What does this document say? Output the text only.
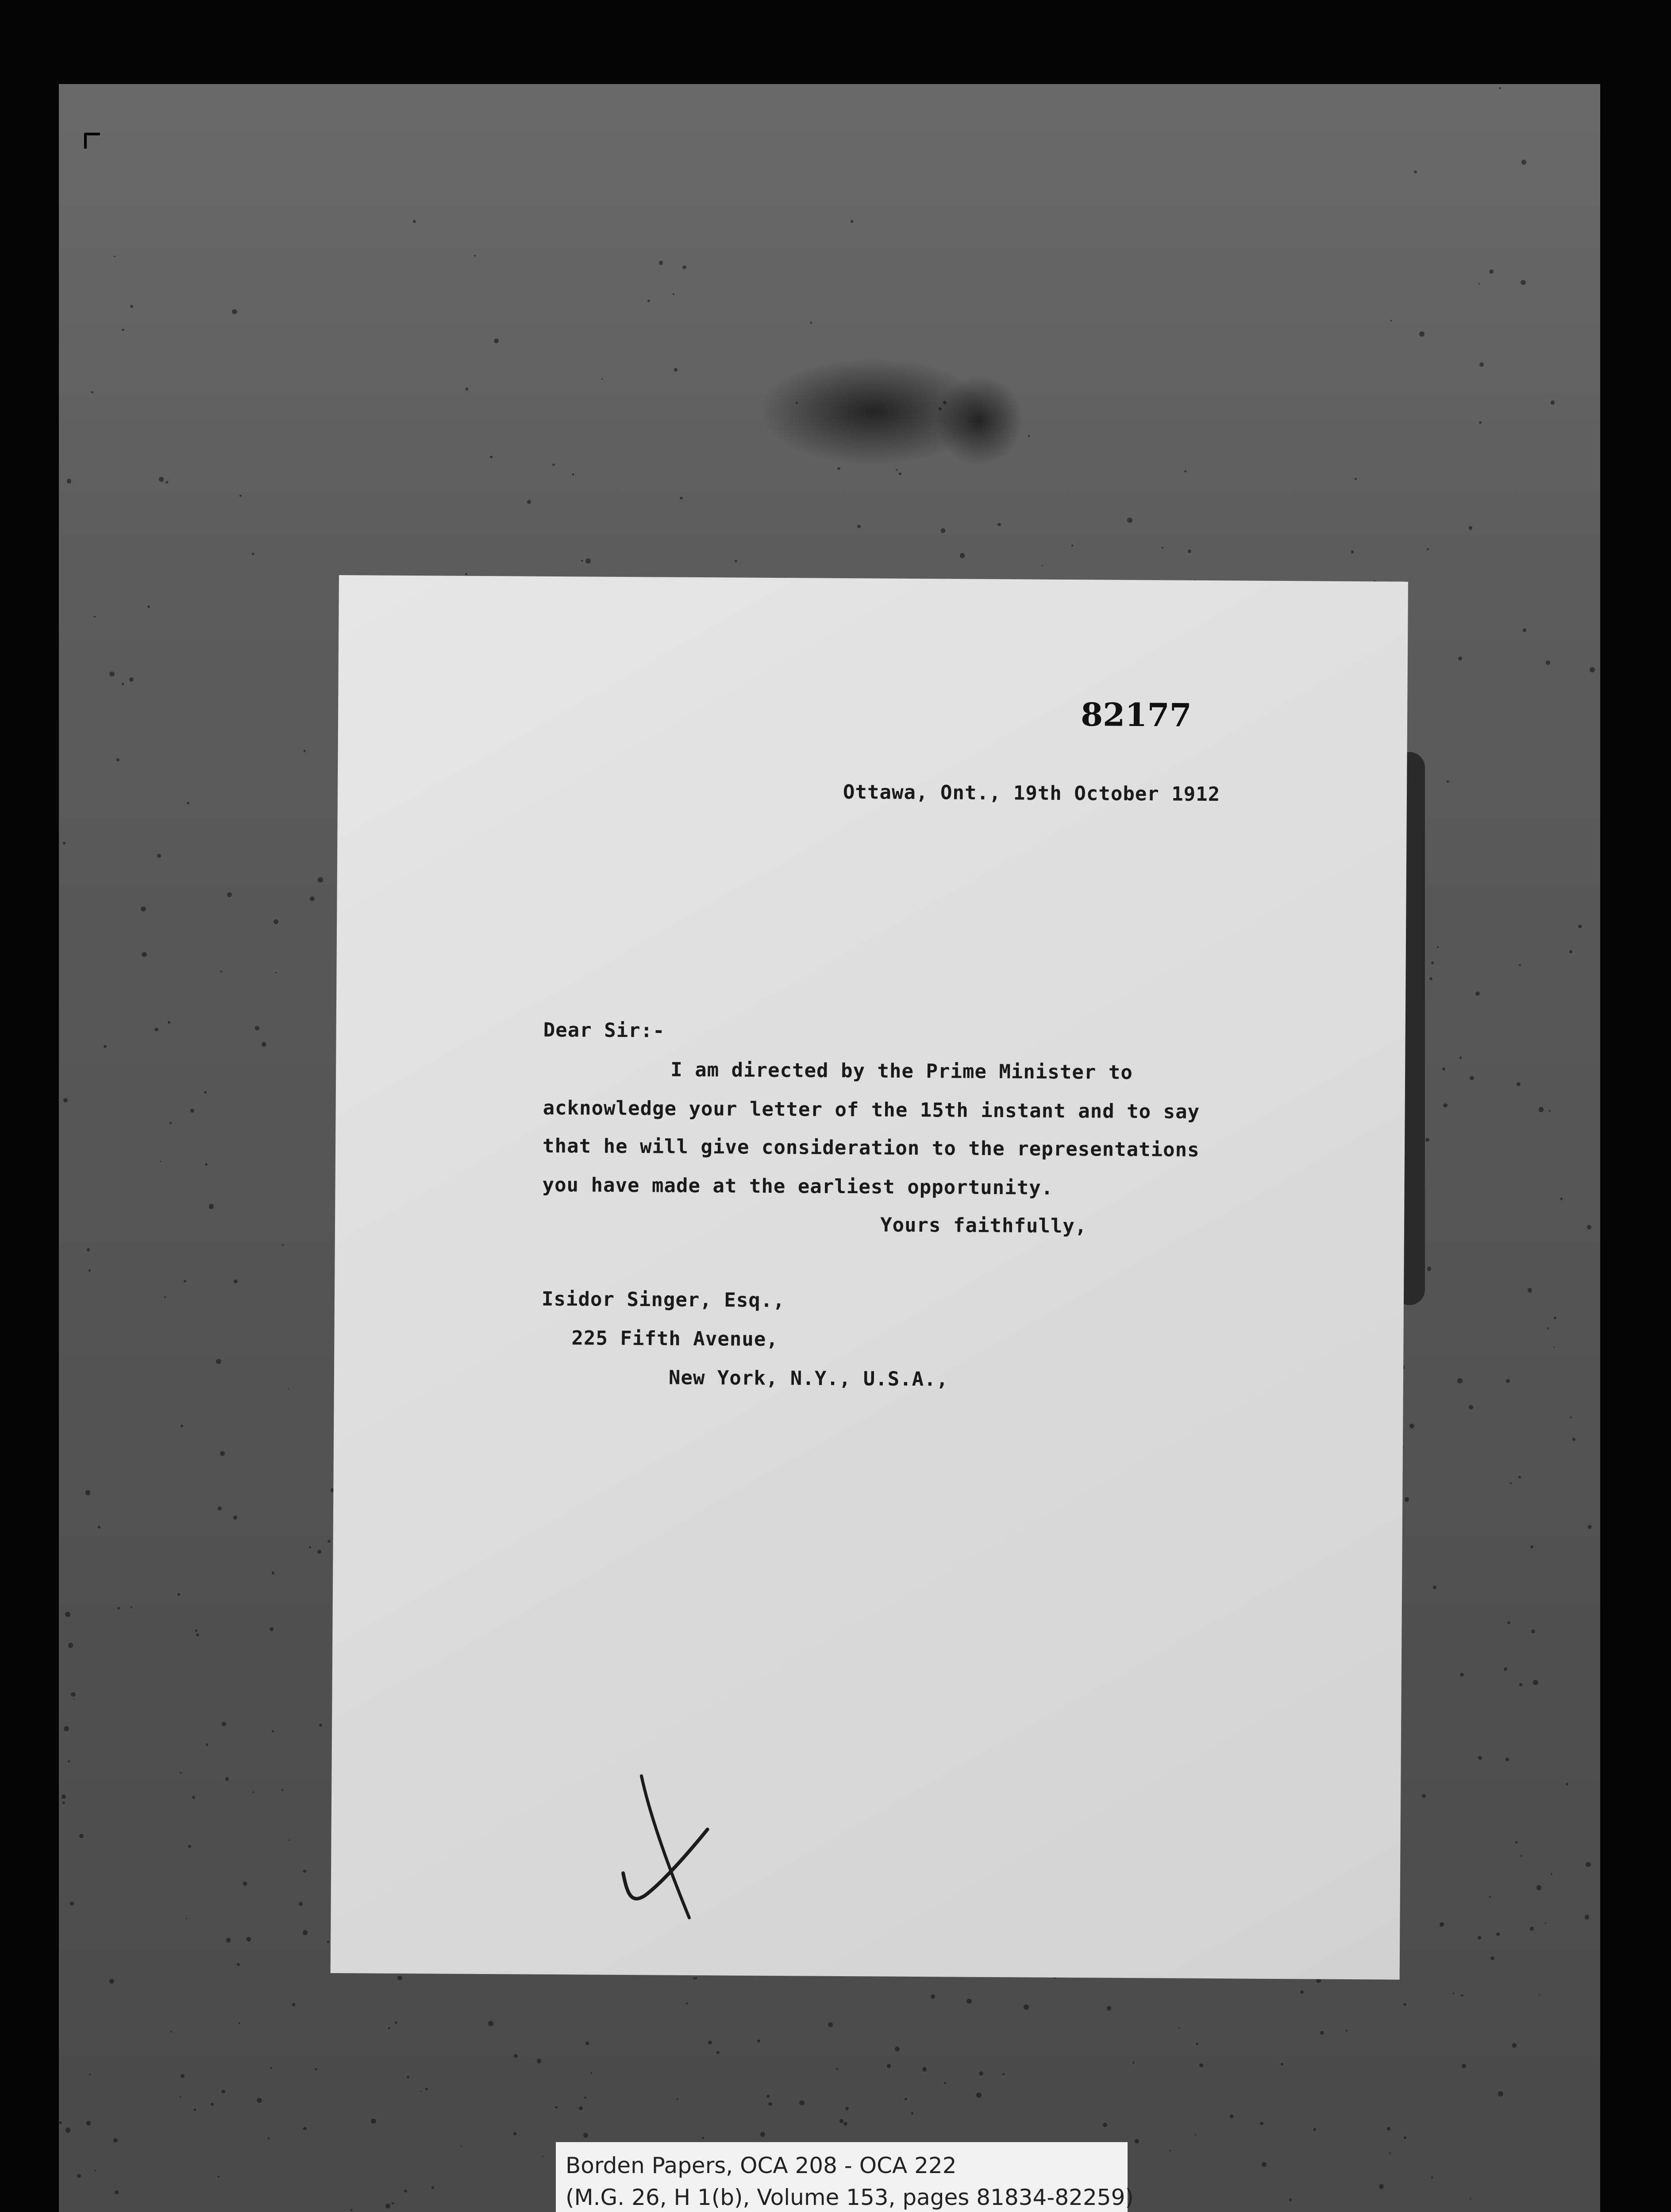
82177
Ottawa, Ont., 19th October 1912
Dear Sir:-
I am directed by the Prime Minister to
acknowledge your letter of the 15th instant and to say
that he will give consideration to the representations
you have made at the earliest opportunity.
Yours faithfully,
Isidor Singer, Esq.,
225 Fifth Avenue,
New York, N.Y., U.S.A.,
Borden Papers, OCA 208 - OCA 222
(M.G. 26, H 1(b), Volume 153, pages 81834-82259)
